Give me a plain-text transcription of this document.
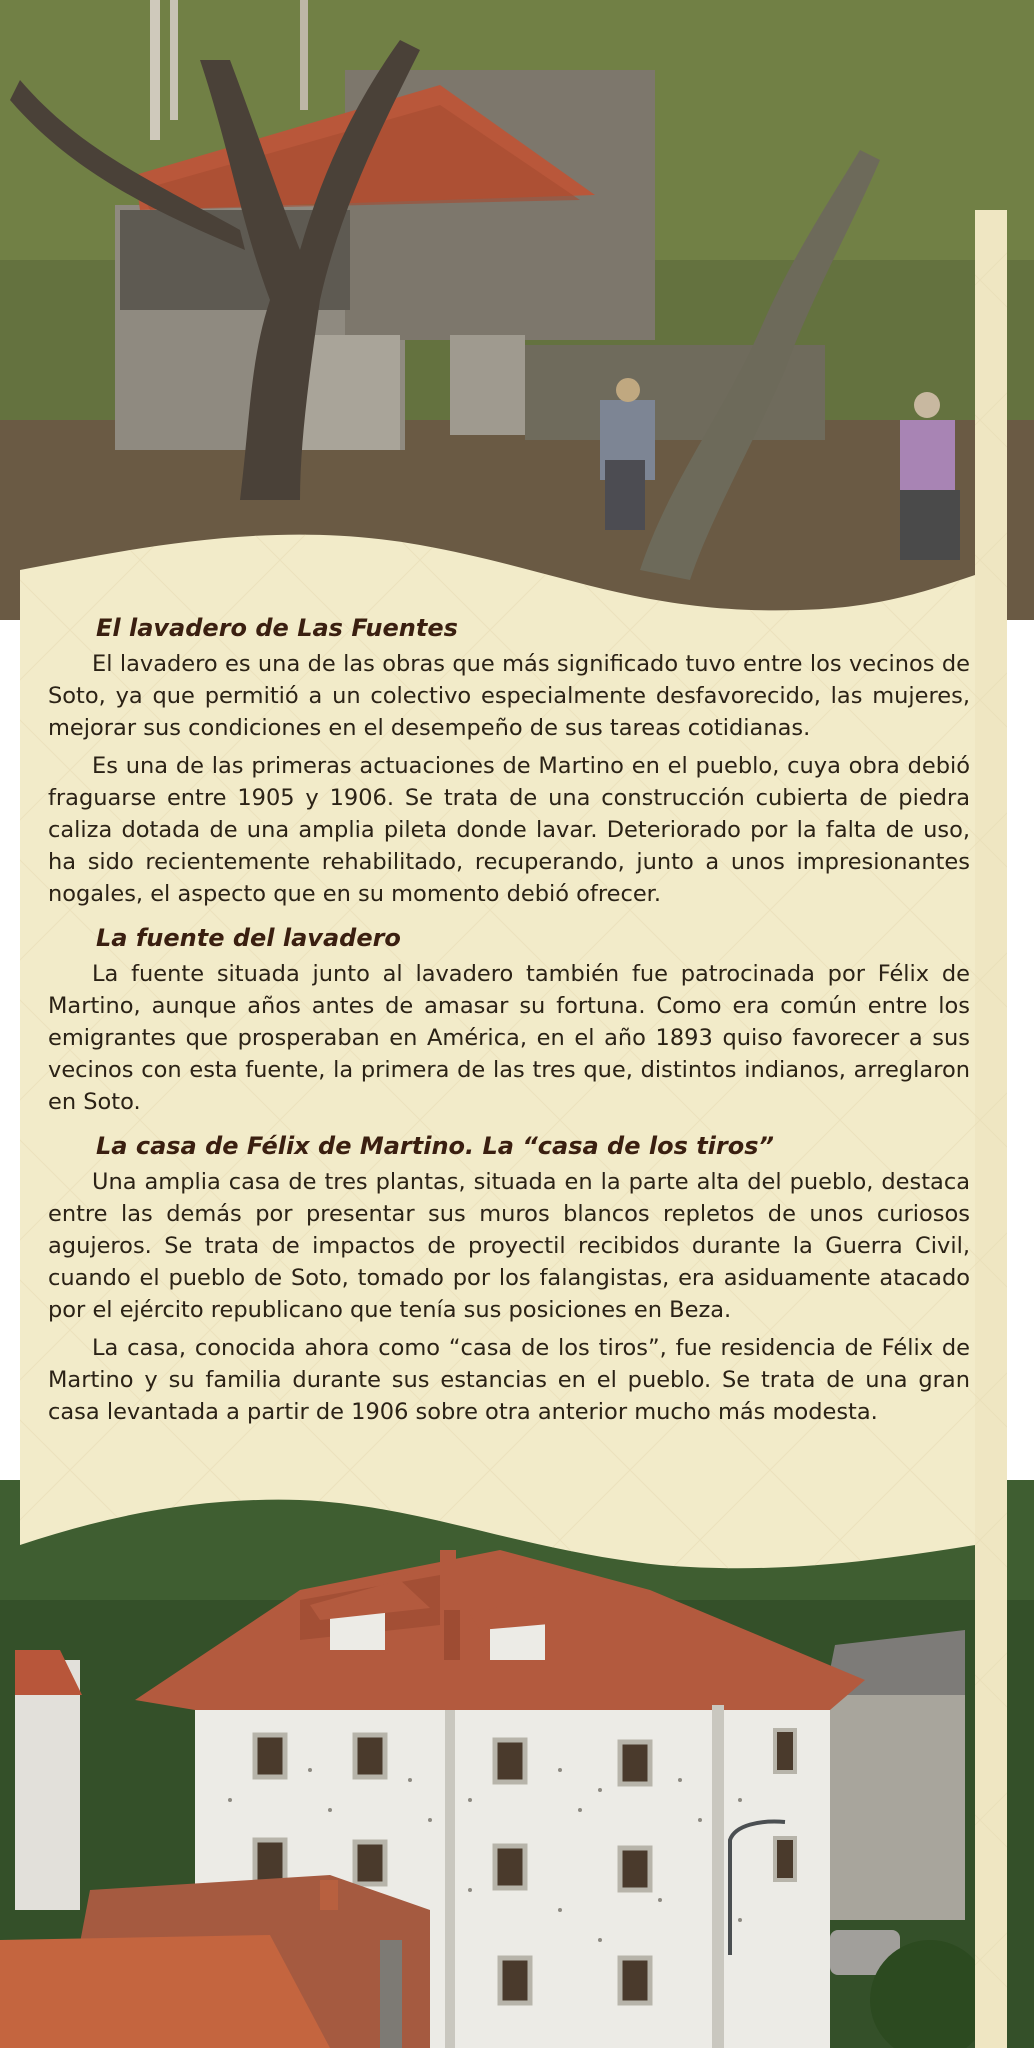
El lavadero de Las Fuentes

El lavadero es una de las obras que más significado tuvo entre los vecinos de Soto, ya que permitió a un colectivo especialmente desfavorecido, las mujeres, mejorar sus condiciones en el desempeño de sus tareas cotidianas.

Es una de las primeras actuaciones de Martino en el pueblo, cuya obra debió fraguarse entre 1905 y 1906. Se trata de una construcción cubierta de piedra caliza dotada de una amplia pileta donde lavar. Deteriorado por la falta de uso, ha sido recientemente rehabilitado, recuperando, junto a unos impresionantes nogales, el aspecto que en su momento debió ofrecer.

La fuente del lavadero

La fuente situada junto al lavadero también fue patrocinada por Félix de Martino, aunque años antes de amasar su fortuna. Como era común entre los emigrantes que prosperaban en América, en el año 1893 quiso favorecer a sus vecinos con esta fuente, la primera de las tres que, distintos indianos, arreglaron en Soto.

La casa de Félix de Martino. La “casa de los tiros”

Una amplia casa de tres plantas, situada en la parte alta del pueblo, destaca entre las demás por presentar sus muros blancos repletos de unos curiosos agujeros. Se trata de impactos de proyectil recibidos durante la Guerra Civil, cuando el pueblo de Soto, tomado por los falangistas, era asiduamente atacado por el ejército republicano que tenía sus posiciones en Beza.

La casa, conocida ahora como “casa de los tiros”, fue residencia de Félix de Martino y su familia durante sus estancias en el pueblo. Se trata de una gran casa levantada a partir de 1906 sobre otra anterior mucho más modesta.
